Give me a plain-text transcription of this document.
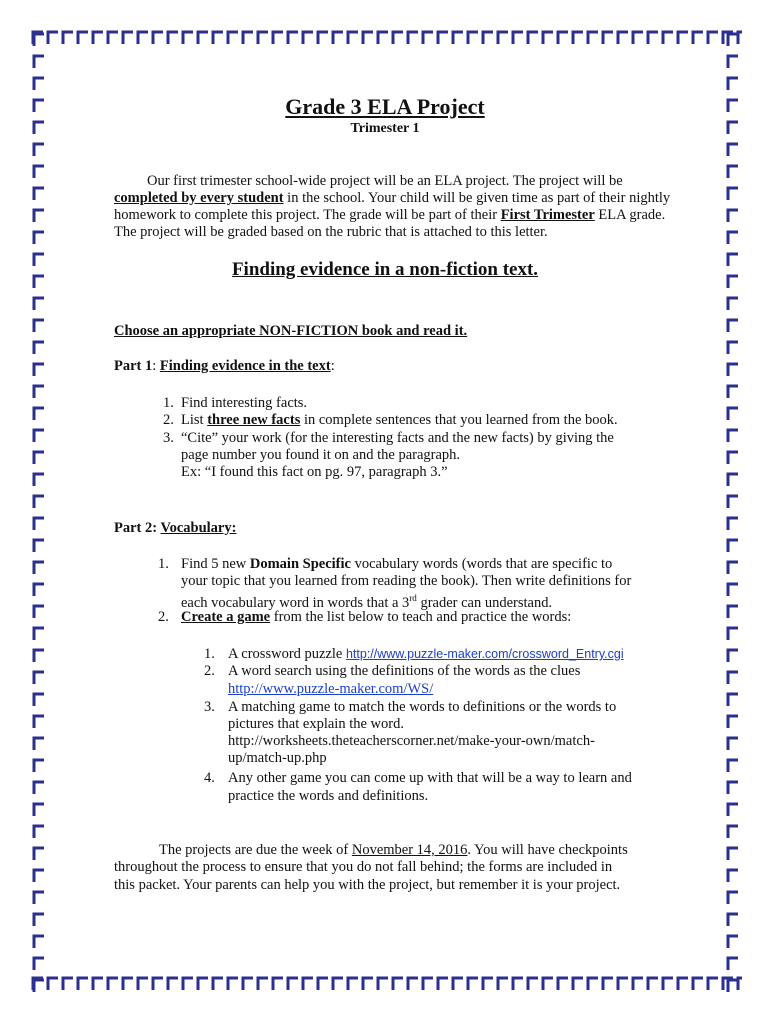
Grade 3 ELA Project
Trimester 1
Our first trimester school-wide project will be an ELA project. The project will be
completed by every student in the school. Your child will be given time as part of their nightly
homework to complete this project. The grade will be part of their First Trimester ELA grade.
The project will be graded based on the rubric that is attached to this letter.
Finding evidence in a non-fiction text.
Choose an appropriate NON-FICTION book and read it.
Part 1: Finding evidence in the text:
1. Find interesting facts.
2. List three new facts in complete sentences that you learned from the book.
3. “Cite” your work (for the interesting facts and the new facts) by giving the
page number you found it on and the paragraph.
Ex: “I found this fact on pg. 97, paragraph 3.”
Part 2: Vocabulary:
1. Find 5 new Domain Specific vocabulary words (words that are specific to
your topic that you learned from reading the book). Then write definitions for
each vocabulary word in words that a 3rd grader can understand.
2. Create a game from the list below to teach and practice the words:
1. A crossword puzzle http://www.puzzle-maker.com/crossword_Entry.cgi
2. A word search using the definitions of the words as the clues
http://www.puzzle-maker.com/WS/
3. A matching game to match the words to definitions or the words to
pictures that explain the word.
http://worksheets.theteacherscorner.net/make-your-own/match-
up/match-up.php
4. Any other game you can come up with that will be a way to learn and
practice the words and definitions.
The projects are due the week of November 14, 2016. You will have checkpoints
throughout the process to ensure that you do not fall behind; the forms are included in
this packet. Your parents can help you with the project, but remember it is your project.
